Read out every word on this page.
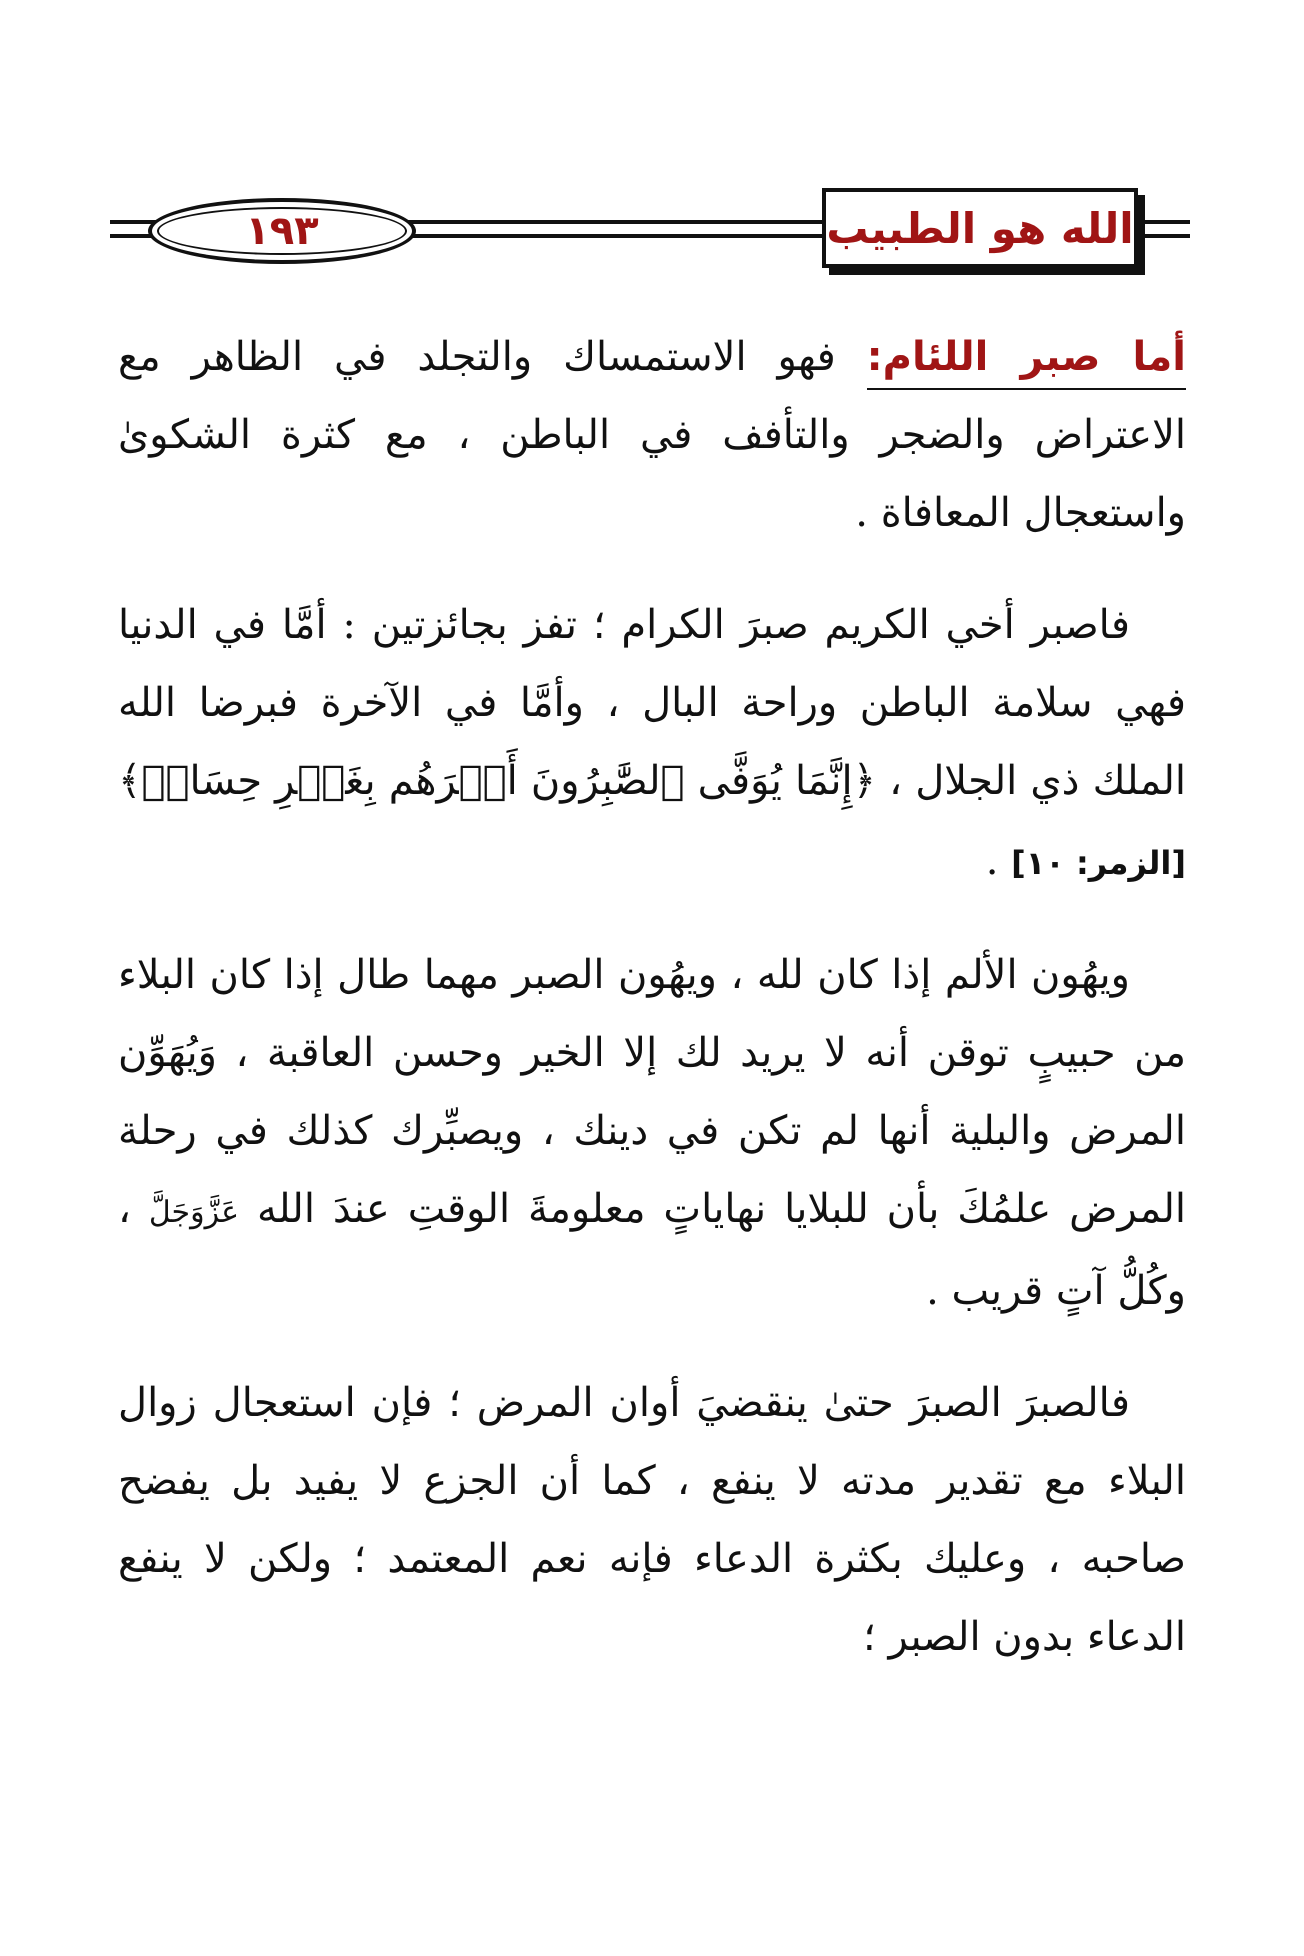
١٩٣	الله هو الطبيب

أما صبر اللئام: فهو الاستمساك والتجلد في الظاهر مع الاعتراض والضجر والتأفف في الباطن ، مع كثرة الشكوىٰ واستعجال المعافاة .

فاصبر أخي الكريم صبرَ الكرام ؛ تفز بجائزتين : أمَّا في الدنيا فهي سلامة الباطن وراحة البال ، وأمَّا في الآخرة فبرضا الله الملك ذي الجلال ، ﴿إِنَّمَا يُوَفَّى ٱلصَّٰبِرُونَ أَجۡرَهُم بِغَيۡرِ حِسَابٖ﴾ [الزمر: ١٠] .

ويهُون الألم إذا كان لله ، ويهُون الصبر مهما طال إذا كان البلاء من حبيبٍ توقن أنه لا يريد لك إلا الخير وحسن العاقبة ، وَيُهَوِّن المرض والبلية أنها لم تكن في دينك ، ويصبِّرك كذلك في رحلة المرض علمُكَ بأن للبلايا نهاياتٍ معلومةَ الوقتِ عندَ الله عَزَّوَجَلَّ ، وكُلُّ آتٍ قريب .

فالصبرَ الصبرَ حتىٰ ينقضيَ أوان المرض ؛ فإن استعجال زوال البلاء مع تقدير مدته لا ينفع ، كما أن الجزع لا يفيد بل يفضح صاحبه ، وعليك بكثرة الدعاء فإنه نعم المعتمد ؛ ولكن لا ينفع الدعاء بدون الصبر ؛
